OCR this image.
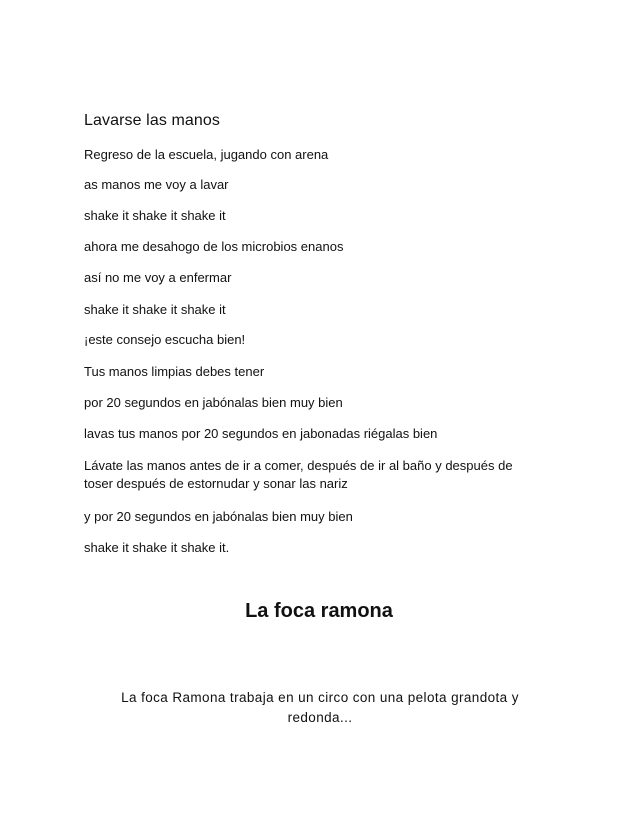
Lavarse las manos
Regreso de la escuela, jugando con arena
as manos me voy a lavar
shake it shake it shake it
ahora me desahogo de los microbios enanos
así no me voy a enfermar
shake it shake it shake it
¡este consejo escucha bien!
Tus manos limpias debes tener
por 20 segundos en jabónalas bien muy bien
lavas tus manos por 20 segundos en jabonadas riégalas bien
Lávate las manos antes de ir a comer, después de ir al baño y después de toser después de estornudar y sonar las nariz
y por 20 segundos en jabónalas bien muy bien
shake it shake it shake it.
La foca ramona
La foca Ramona trabaja en un circo con una pelota grandota y redonda...
